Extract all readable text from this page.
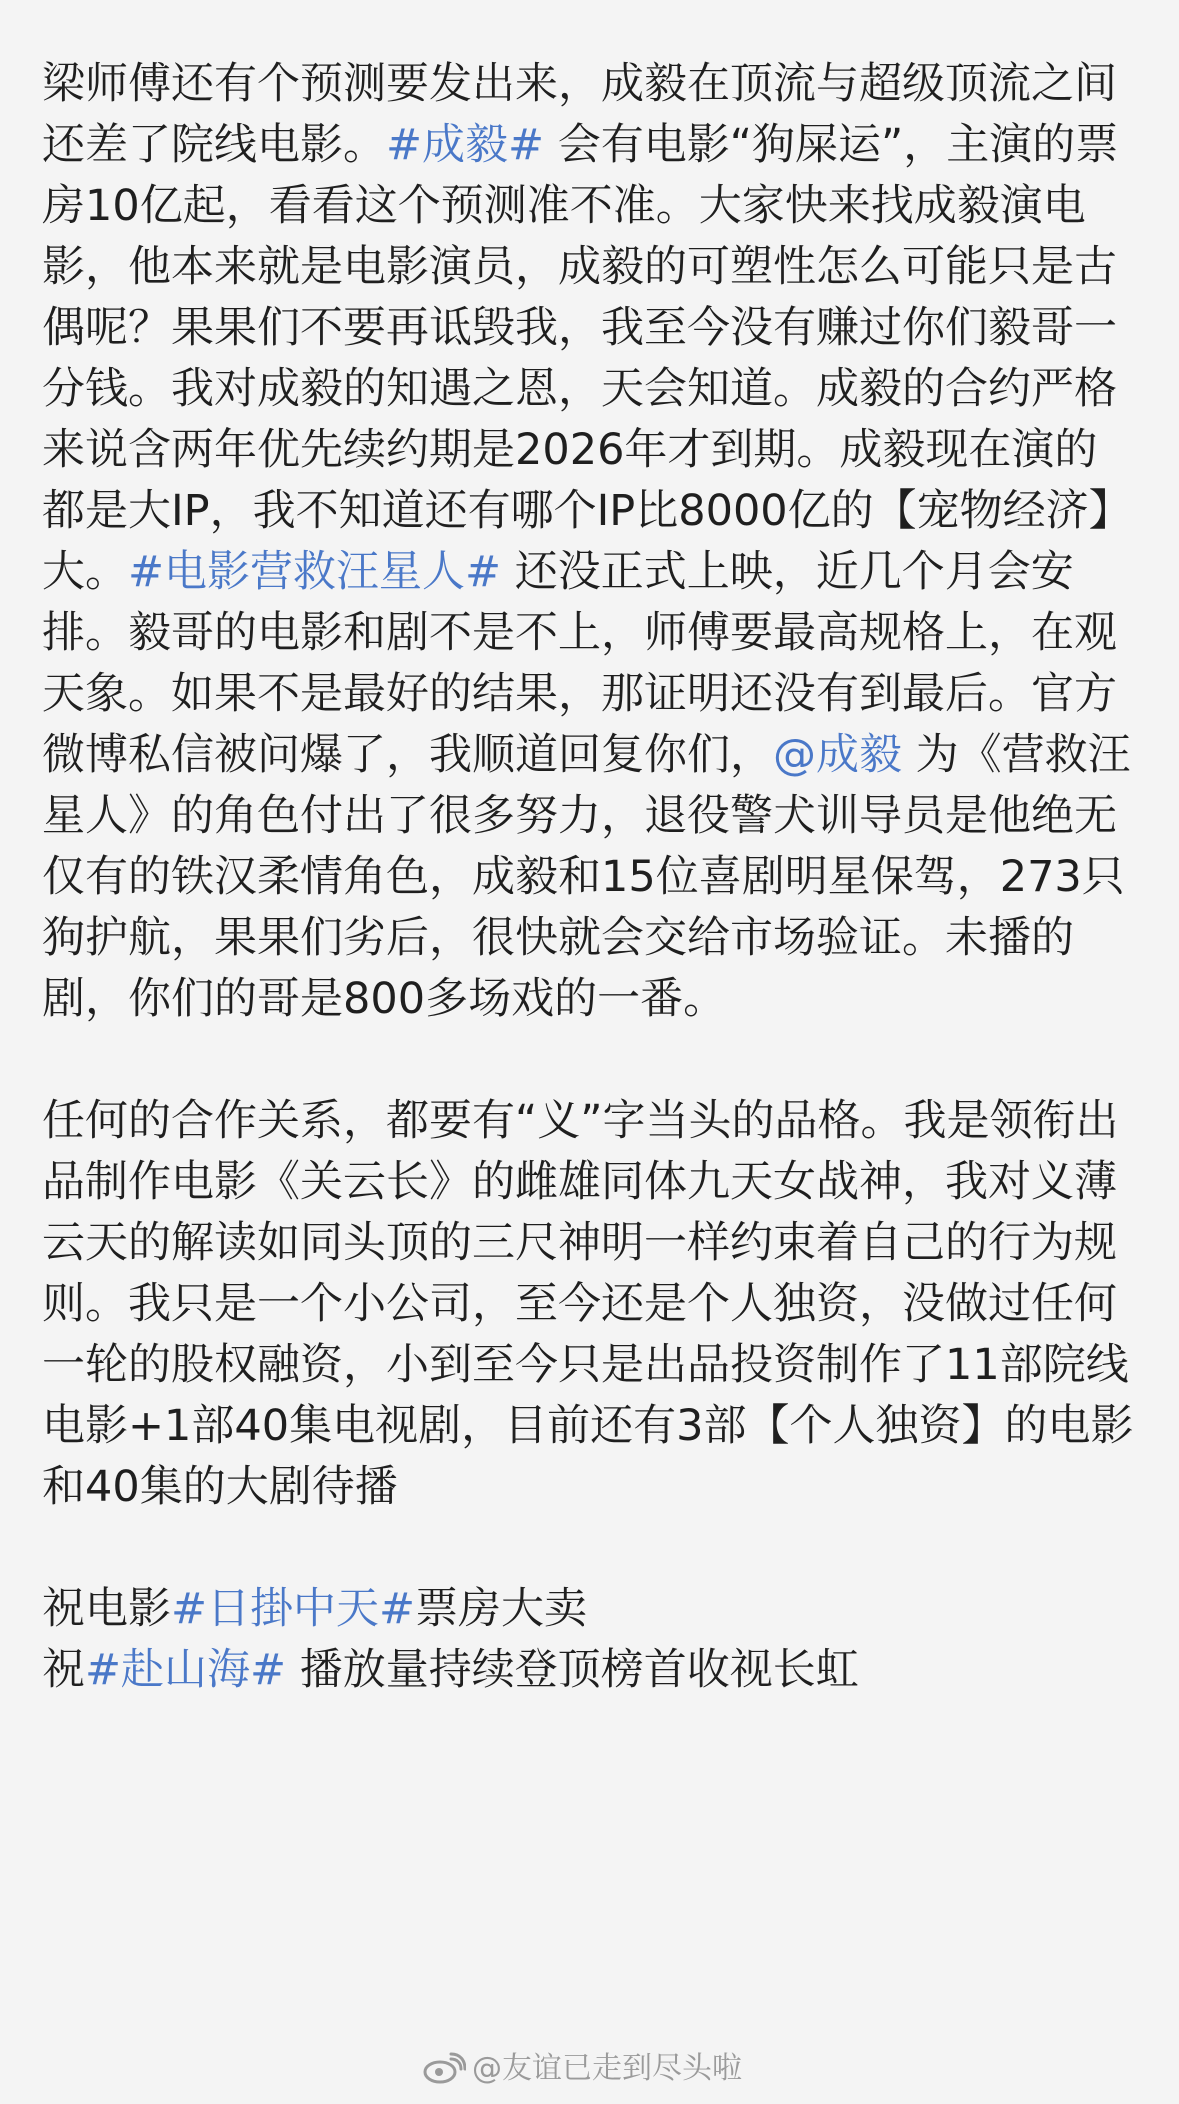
梁师傅还有个预测要发出来，成毅在顶流与超级顶流之间还差了院线电影。#成毅# 会有电影“狗屎运”，主演的票房10亿起，看看这个预测准不准。大家快来找成毅演电影，他本来就是电影演员，成毅的可塑性怎么可能只是古偶呢？果果们不要再诋毁我，我至今没有赚过你们毅哥一分钱。我对成毅的知遇之恩，天会知道。成毅的合约严格来说含两年优先续约期是2026年才到期。成毅现在演的都是大IP，我不知道还有哪个IP比8000亿的【宠物经济】大。#电影营救汪星人# 还没正式上映，近几个月会安排。毅哥的电影和剧不是不上，师傅要最高规格上，在观天象。如果不是最好的结果，那证明还没有到最后。官方微博私信被问爆了，我顺道回复你们，@成毅 为《营救汪星人》的角色付出了很多努力，退役警犬训导员是他绝无仅有的铁汉柔情角色，成毅和15位喜剧明星保驾，273只狗护航，果果们劣后，很快就会交给市场验证。未播的剧，你们的哥是800多场戏的一番。

任何的合作关系，都要有“义”字当头的品格。我是领衔出品制作电影《关云长》的雌雄同体九天女战神，我对义薄云天的解读如同头顶的三尺神明一样约束着自己的行为规则。我只是一个小公司，至今还是个人独资，没做过任何一轮的股权融资，小到至今只是出品投资制作了11部院线电影+1部40集电视剧，目前还有3部【个人独资】的电影和40集的大剧待播

祝电影#日掛中天#票房大卖
祝#赴山海# 播放量持续登顶榜首收视长虹

@友谊已走到尽头啦
